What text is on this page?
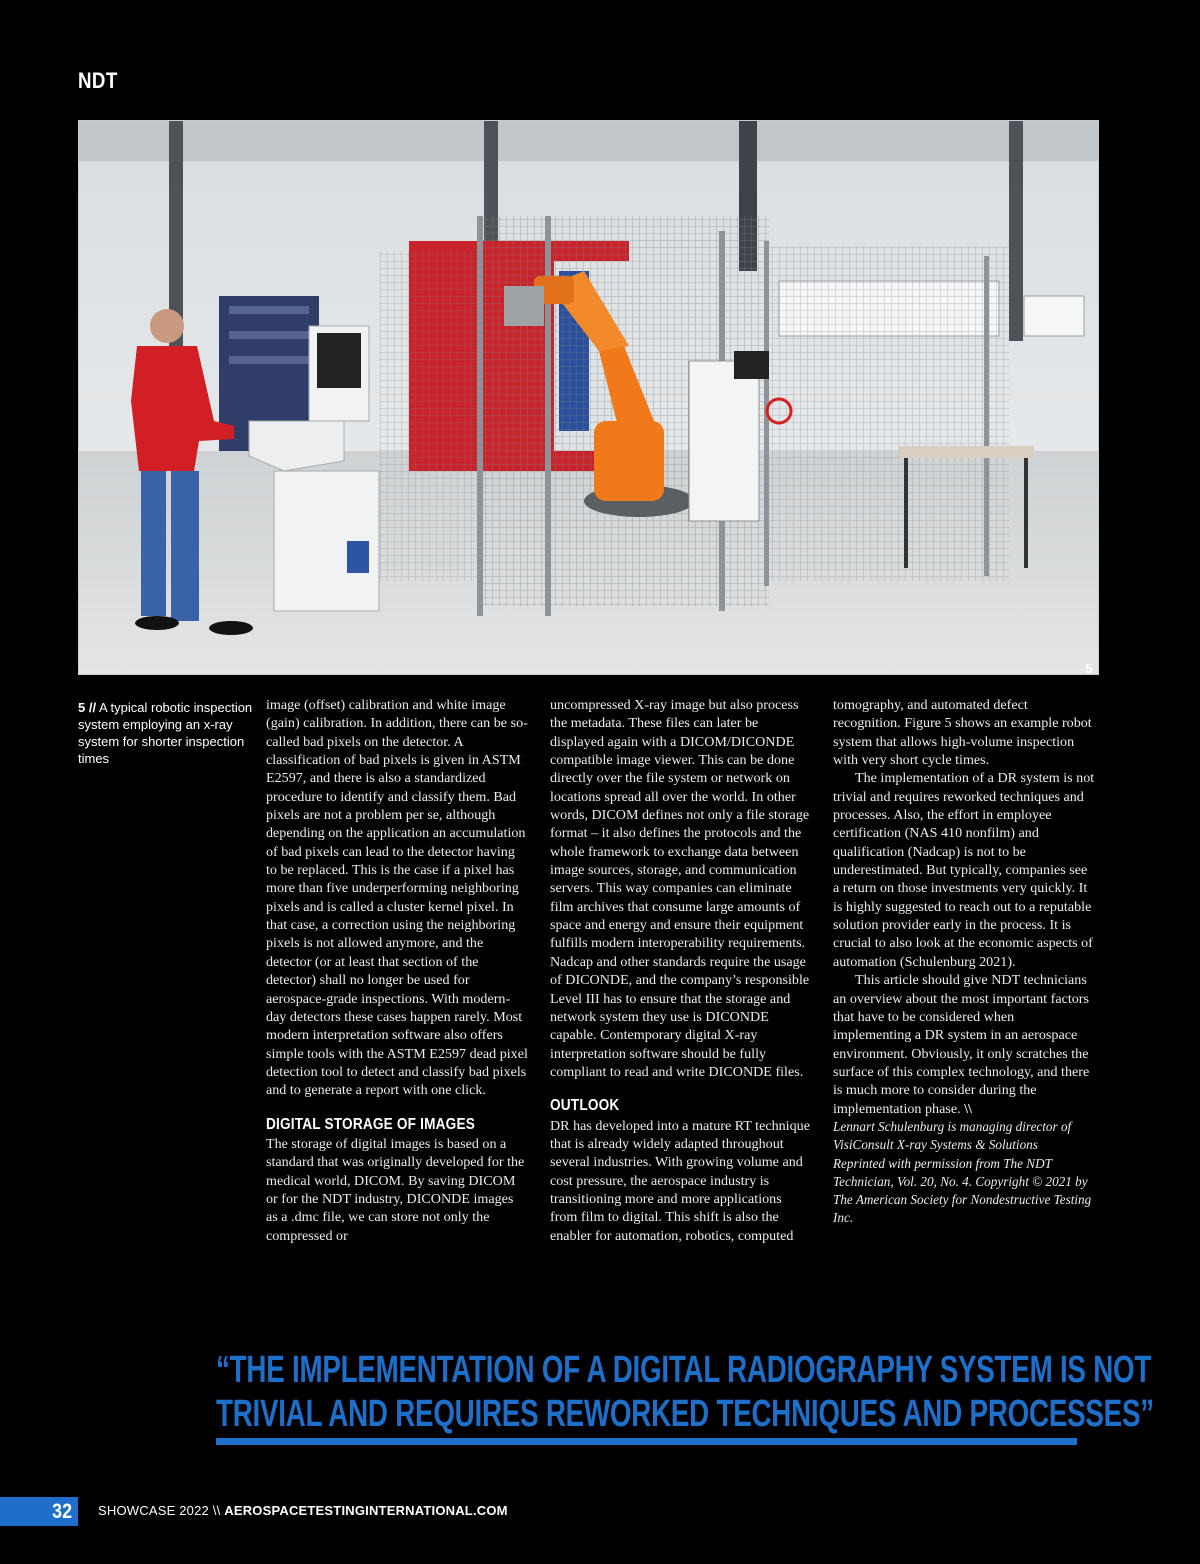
NDT
5
5 // A typical robotic inspection system employing an x-ray system for shorter inspection times

image (offset) calibration and white image (gain) calibration. In addition, there can be so-called bad pixels on the detector. A classification of bad pixels is given in ASTM E2597, and there is also a standardized procedure to identify and classify them. Bad pixels are not a problem per se, although depending on the application an accumulation of bad pixels can lead to the detector having to be replaced. This is the case if a pixel has more than five underperforming neighboring pixels and is called a cluster kernel pixel. In that case, a correction using the neighboring pixels is not allowed anymore, and the detector (or at least that section of the detector) shall no longer be used for aerospace-grade inspections. With modern-day detectors these cases happen rarely. Most modern interpretation software also offers simple tools with the ASTM E2597 dead pixel detection tool to detect and classify bad pixels and to generate a report with one click.

DIGITAL STORAGE OF IMAGES

The storage of digital images is based on a standard that was originally developed for the medical world, DICOM. By saving DICOM or for the NDT industry, DICONDE images as a .dmc file, we can store not only the compressed or

uncompressed X-ray image but also process the metadata. These files can later be displayed again with a DICOM/DICONDE compatible image viewer. This can be done directly over the file system or network on locations spread all over the world. In other words, DICOM defines not only a file storage format – it also defines the protocols and the whole framework to exchange data between image sources, storage, and communication servers. This way companies can eliminate film archives that consume large amounts of space and energy and ensure their equipment fulfills modern interoperability requirements. Nadcap and other standards require the usage of DICONDE, and the company’s responsible Level III has to ensure that the storage and network system they use is DICONDE capable. Contemporary digital X-ray interpretation software should be fully compliant to read and write DICONDE files.

OUTLOOK

DR has developed into a mature RT technique that is already widely adapted throughout several industries. With growing volume and cost pressure, the aerospace industry is transitioning more and more applications from film to digital. This shift is also the enabler for automation, robotics, computed

tomography, and automated defect recognition. Figure 5 shows an example robot system that allows high-volume inspection with very short cycle times.

The implementation of a DR system is not trivial and requires reworked techniques and processes. Also, the effort in employee certification (NAS 410 nonfilm) and qualification (Nadcap) is not to be underestimated. But typically, companies see a return on those investments very quickly. It is highly suggested to reach out to a reputable solution provider early in the process. It is crucial to also look at the economic aspects of automation (Schulenburg 2021).

This article should give NDT technicians an overview about the most important factors that have to be considered when implementing a DR system in an aerospace environment. Obviously, it only scratches the surface of this complex technology, and there is much more to consider during the implementation phase. \\

Lennart Schulenburg is managing director of VisiConsult X-ray Systems & Solutions

Reprinted with permission from The NDT Technician, Vol. 20, No. 4. Copyright © 2021 by The American Society for Nondestructive Testing Inc.

“THE IMPLEMENTATION OF A DIGITAL RADIOGRAPHY SYSTEM IS NOT
TRIVIAL AND REQUIRES REWORKED TECHNIQUES AND PROCESSES”
32 SHOWCASE 2022 \\ AEROSPACETESTINGINTERNATIONAL.COM
